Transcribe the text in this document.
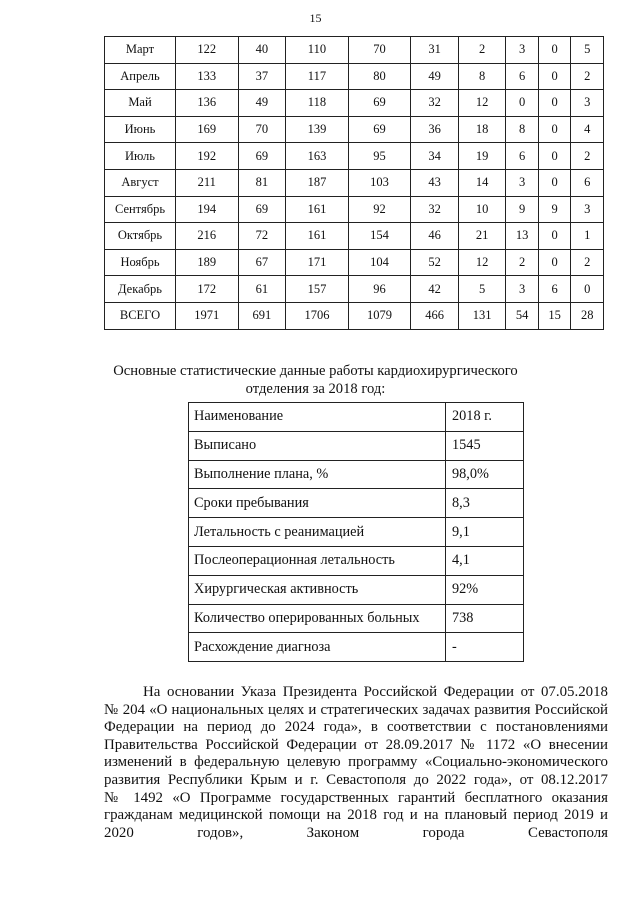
15
Март	122	40	110	70	31	2	3	0	5
Апрель	133	37	117	80	49	8	6	0	2
Май	136	49	118	69	32	12	0	0	3
Июнь	169	70	139	69	36	18	8	0	4
Июль	192	69	163	95	34	19	6	0	2
Август	211	81	187	103	43	14	3	0	6
Сентябрь	194	69	161	92	32	10	9	9	3
Октябрь	216	72	161	154	46	21	13	0	1
Ноябрь	189	67	171	104	52	12	2	0	2
Декабрь	172	61	157	96	42	5	3	6	0
ВСЕГО	1971	691	1706	1079	466	131	54	15	28
Основные статистические данные работы кардиохирургического
отделения за 2018 год:
Наименование	2018 г.
Выписано	1545
Выполнение плана, %	98,0%
Сроки пребывания	8,3
Летальность с реанимацией	9,1
Послеоперационная летальность	4,1
Хирургическая активность	92%
Количество оперированных больных	738
Расхождение диагноза	-
На основании Указа Президента Российской Федерации от 07.05.2018
№ 204 «О национальных целях и стратегических задачах развития Российской
Федерации на период до 2024 года», в соответствии с постановлениями
Правительства Российской Федерации от 28.09.2017 № 1172 «О внесении
изменений в федеральную целевую программу «Социально-экономического
развития Республики Крым и г. Севастополя до 2022 года», от 08.12.2017
№ 1492 «О Программе государственных гарантий бесплатного оказания
гражданам медицинской помощи на 2018 год и на плановый период 2019 и
2020 годов», Законом города Севастополя
